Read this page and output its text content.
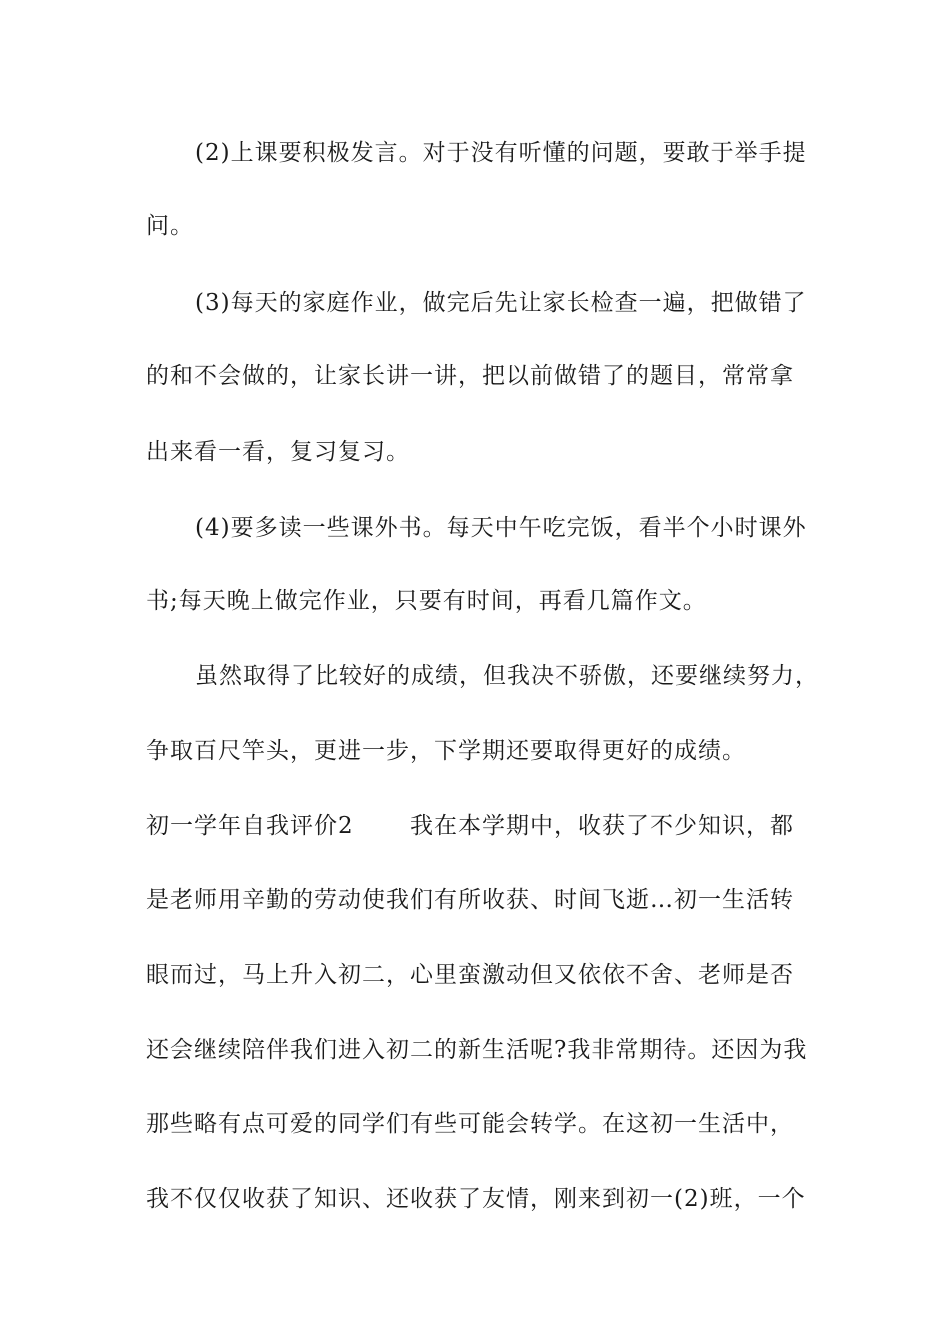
(2)上课要积极发言。对于没有听懂的问题，要敢于举手提
问。
(3)每天的家庭作业，做完后先让家长检查一遍，把做错了
的和不会做的，让家长讲一讲，把以前做错了的题目，常常拿
出来看一看，复习复习。
(4)要多读一些课外书。每天中午吃完饭，看半个小时课外
书;每天晚上做完作业，只要有时间，再看几篇作文。
虽然取得了比较好的成绩，但我决不骄傲，还要继续努力，
争取百尺竿头，更进一步，下学期还要取得更好的成绩。
初一学年自我评价2 我在本学期中，收获了不少知识，都
是老师用辛勤的劳动使我们有所收获、时间飞逝…初一生活转
眼而过，马上升入初二，心里蛮激动但又依依不舍、老师是否
还会继续陪伴我们进入初二的新生活呢?我非常期待。还因为我
那些略有点可爱的同学们有些可能会转学。在这初一生活中，
我不仅仅收获了知识、还收获了友情，刚来到初一(2)班，一个
